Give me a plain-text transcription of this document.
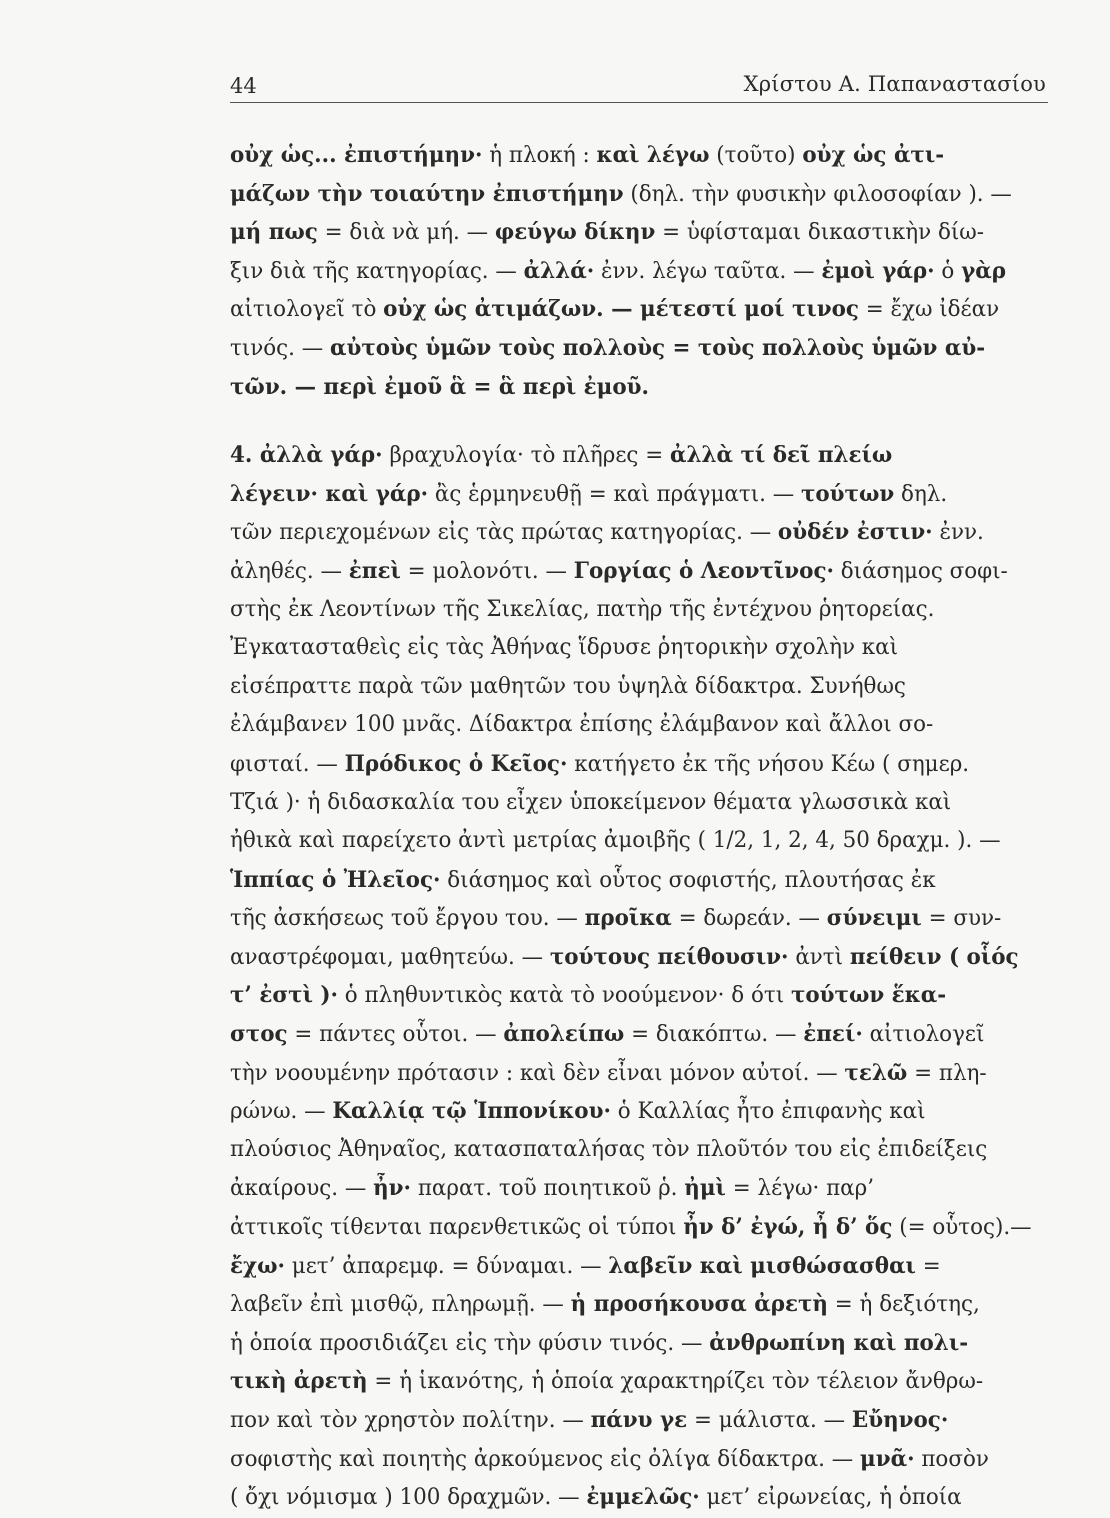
44	Χρίστου Α. Παπαναστασίου
οὐχ ὡς... ἐπιστήμην· ἡ πλοκή : καὶ λέγω (τοῦτο) οὐχ ὡς ἀτι-
μάζων τὴν τοιαύτην ἐπιστήμην (δηλ. τὴν φυσικὴν φιλοσοφίαν ). —
μή πως = διὰ νὰ μή. — φεύγω δίκην = ὑφίσταμαι δικαστικὴν δίω-
ξιν διὰ τῆς κατηγορίας. — ἀλλά· ἐνν. λέγω ταῦτα. — ἐμοὶ γάρ· ὁ γὰρ
αἰτιολογεῖ τὸ οὐχ ὡς ἀτιμάζων. — μέτεστί μοί τινος = ἔχω ἰδέαν
τινός. — αὐτοὺς ὑμῶν τοὺς πολλοὺς = τοὺς πολλοὺς ὑμῶν αὐ-
τῶν. — περὶ ἐμοῦ ἃ = ἃ περὶ ἐμοῦ.
4. ἀλλὰ γάρ· βραχυλογία· τὸ πλῆρες = ἀλλὰ τί δεῖ πλείω
λέγειν· καὶ γάρ· ἂς ἑρμηνευθῇ = καὶ πράγματι. — τούτων δηλ.
τῶν περιεχομένων εἰς τὰς πρώτας κατηγορίας. — οὐδέν ἐστιν· ἐνν.
ἀληθές. — ἐπεὶ = μολονότι. — Γοργίας ὁ Λεοντῖνος· διάσημος σοφι-
στὴς ἐκ Λεοντίνων τῆς Σικελίας, πατὴρ τῆς ἐντέχνου ῥητορείας.
Ἐγκατασταθεὶς εἰς τὰς Ἀθήνας ἵδρυσε ῥητορικὴν σχολὴν καὶ
εἰσέπραττε παρὰ τῶν μαθητῶν του ὑψηλὰ δίδακτρα. Συνήθως
ἐλάμβανεν 100 μνᾶς. Δίδακτρα ἐπίσης ἐλάμβανον καὶ ἄλλοι σο-
φισταί. — Πρόδικος ὁ Κεῖος· κατήγετο ἐκ τῆς νήσου Κέω ( σημερ.
Τζιά )· ἡ διδασκαλία του εἶχεν ὑποκείμενον θέματα γλωσσικὰ καὶ
ἠθικὰ καὶ παρείχετο ἀντὶ μετρίας ἀμοιβῆς ( 1/2, 1, 2, 4, 50 δραχμ. ). —
Ἱππίας ὁ Ἠλεῖος· διάσημος καὶ οὗτος σοφιστής, πλουτήσας ἐκ
τῆς ἀσκήσεως τοῦ ἔργου του. — προῖκα = δωρεάν. — σύνειμι = συν-
αναστρέφομαι, μαθητεύω. — τούτους πείθουσιν· ἀντὶ πείθειν ( οἷός
τ’ ἐστὶ )· ὁ πληθυντικὸς κατὰ τὸ νοούμενον· δ ότι τούτων ἕκα-
στος = πάντες οὗτοι. — ἀπολείπω = διακόπτω. — ἐπεί· αἰτιολογεῖ
τὴν νοουμένην πρότασιν : καὶ δὲν εἶναι μόνον αὐτοί. — τελῶ = πλη-
ρώνω. — Καλλίᾳ τῷ Ἱππονίκου· ὁ Καλλίας ἦτο ἐπιφανὴς καὶ
πλούσιος Ἀθηναῖος, κατασπαταλήσας τὸν πλοῦτόν του εἰς ἐπιδείξεις
ἀκαίρους. — ἦν· παρατ. τοῦ ποιητικοῦ ῥ. ἠμὶ = λέγω· παρ’
ἀττικοῖς τίθενται παρενθετικῶς οἱ τύποι ἦν δ’ ἐγώ, ἦ δ’ ὅς (= οὗτος).—
ἔχω· μετ’ ἀπαρεμφ. = δύναμαι. — λαβεῖν καὶ μισθώσασθαι =
λαβεῖν ἐπὶ μισθῷ, πληρωμῇ. — ἡ προσήκουσα ἀρετὴ = ἡ δεξιότης,
ἡ ὁποία προσιδιάζει εἰς τὴν φύσιν τινός. — ἀνθρωπίνη καὶ πολι-
τικὴ ἀρετὴ = ἡ ἱκανότης, ἡ ὁποία χαρακτηρίζει τὸν τέλειον ἄνθρω-
πον καὶ τὸν χρηστὸν πολίτην. — πάνυ γε = μάλιστα. — Εὔηνος·
σοφιστὴς καὶ ποιητὴς ἀρκούμενος εἰς ὀλίγα δίδακτρα. — μνᾶ· ποσὸν
( ὄχι νόμισμα ) 100 δραχμῶν. — ἐμμελῶς· μετ’ εἰρωνείας, ἡ ὁποία
